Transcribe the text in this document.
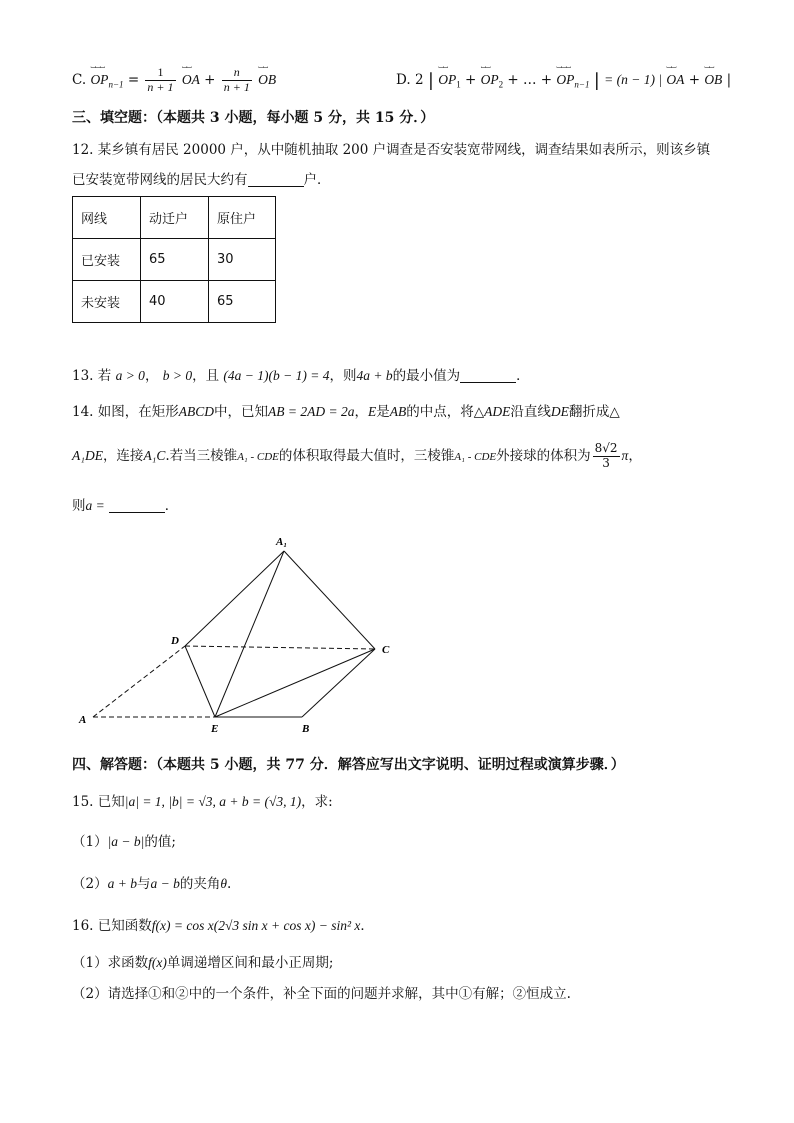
C.
⌴⌴⌴
$OP_{n-1} = \frac{1}{n + 1}$

⌴⌴
OA + $\frac{n}{n + 1}$

⌴⌴
OB	D. 2 |
⌴⌴
$OP_1$ +
⌴⌴
$OP_2$ + … +
⌴⌴⌴
$OP_{n-1}$ | = (n − 1) |
⌴⌴
OA +
⌴⌴
OB |
三、填空题：（本题共 3 小题，每小题 5 分，共 15 分．）
12. 某乡镇有居民 20000 户，从中随机抽取 200 户调查是否安装宽带网线，调查结果如表所示，则该乡镇
已安装宽带网线的居民大约有	户．
网线	动迁户	原住户
已安装	65	30
未安装	40	65
13. 若 a > 0， b > 0，且 (4a − 1)(b − 1) = 4，则4a + b的最小值为	．
14. 如图，在矩形ABCD中，已知AB = 2AD = 2a，E是AB的中点，将△ADE沿直线DE翻折成△
A₁DE，连接A₁C.若当三棱锥A₁ - CDE的体积取得最大值时，三棱锥A₁ - CDE外接球的体积为 $\frac{8√2}{3}$ π，
则a =	．
A₁
D
C
A
E	B
四、解答题：（本题共 5 小题，共 77 分．解答应写出文字说明、证明过程或演算步骤．）
15. 已知|a| = 1, |b| = √3, a + b = (√3, 1)，求:
（1）|a − b|的值;
（2）a + b与a − b的夹角θ.
16. 已知函数f(x) = cos x(2√3 sin x + cos x) − sin² x．
（1）求函数f(x)单调递增区间和最小正周期;
（2）请选择①和②中的一个条件，补全下面的问题并求解，其中①有解；②恒成立.
